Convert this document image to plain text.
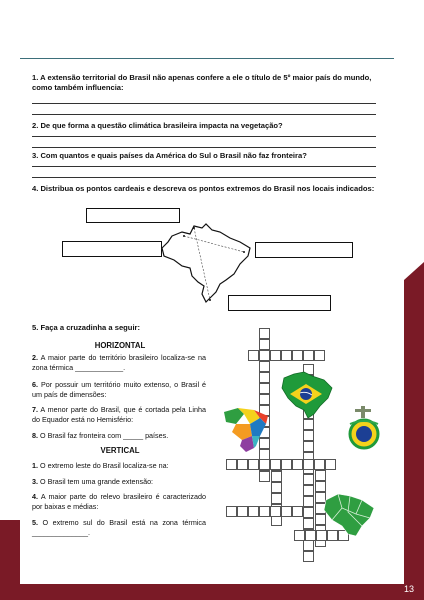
1. A extensão territorial do Brasil não apenas confere a ele o título de 5º maior país do mundo, como também influencia:
2. De que forma a questão climática brasileira impacta na vegetação?
3. Com quantos e quais países da América do Sul o Brasil não faz fronteira?
4. Distribua os pontos cardeais e descreva os pontos extremos do Brasil nos locais indicados:
5. Faça a cruzadinha a seguir:
HORIZONTAL
2. A maior parte do território brasileiro localiza-se na zona térmica ____________.
6. Por possuir um território muito extenso, o Brasil é um país de dimensões:
7. A menor parte do Brasil, que é cortada pela Linha do Equador está no Hemisfério:
8. O Brasil faz fronteira com _____ países.
VERTICAL
1. O extremo leste do Brasil localiza-se na:
3. O Brasil tem uma grande extensão:
4. A maior parte do relevo brasileiro é caracterizado por baixas e médias:
5. O extremo sul do Brasil está na zona térmica ______________.
13
